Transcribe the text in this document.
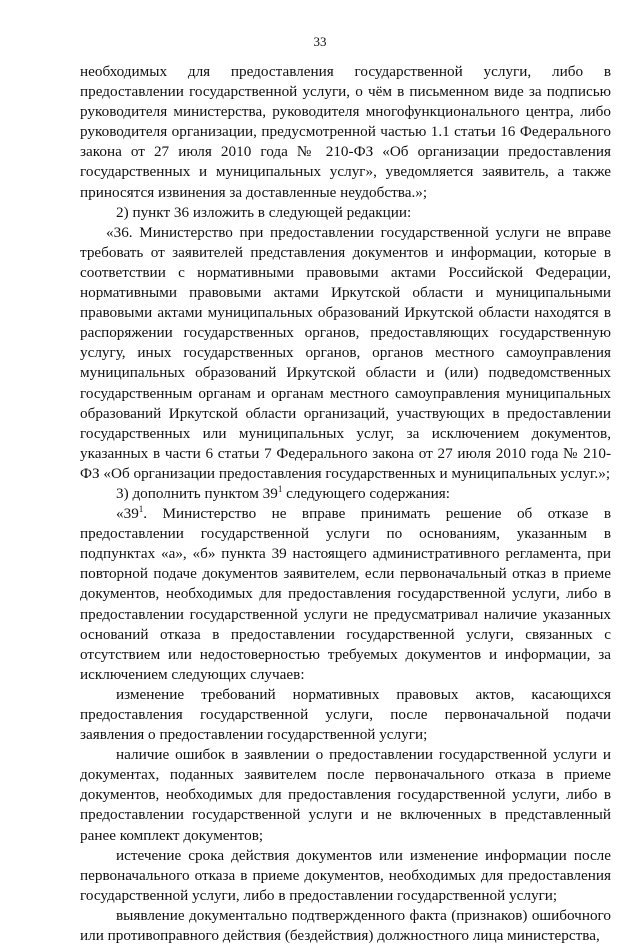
33

необходимых для предоставления государственной услуги, либо в предоставлении государственной услуги, о чём в письменном виде за подписью руководителя министерства, руководителя многофункционального центра, либо руководителя организации, предусмотренной частью 1.1 статьи 16 Федерального закона от 27 июля 2010 года № 210-ФЗ «Об организации предоставления государственных и муниципальных услуг», уведомляется заявитель, а также приносятся извинения за доставленные неудобства.»;

2) пункт 36 изложить в следующей редакции:

«36. Министерство при предоставлении государственной услуги не вправе требовать от заявителей представления документов и информации, которые в соответствии с нормативными правовыми актами Российской Федерации, нормативными правовыми актами Иркутской области и муниципальными правовыми актами муниципальных образований Иркутской области находятся в распоряжении государственных органов, предоставляющих государственную услугу, иных государственных органов, органов местного самоуправления муниципальных образований Иркутской области и (или) подведомственных государственным органам и органам местного самоуправления муниципальных образований Иркутской области организаций, участвующих в предоставлении государственных или муниципальных услуг, за исключением документов, указанных в части 6 статьи 7 Федерального закона от 27 июля 2010 года № 210-ФЗ «Об организации предоставления государственных и муниципальных услуг.»;

3) дополнить пунктом $39^1$ следующего содержания:

«$39^1$. Министерство не вправе принимать решение об отказе в предоставлении государственной услуги по основаниям, указанным в подпунктах «а», «б» пункта 39 настоящего административного регламента, при повторной подаче документов заявителем, если первоначальный отказ в приеме документов, необходимых для предоставления государственной услуги, либо в предоставлении государственной услуги не предусматривал наличие указанных оснований отказа в предоставлении государственной услуги, связанных с отсутствием или недостоверностью требуемых документов и информации, за исключением следующих случаев:

изменение требований нормативных правовых актов, касающихся предоставления государственной услуги, после первоначальной подачи заявления о предоставлении государственной услуги;

наличие ошибок в заявлении о предоставлении государственной услуги и документах, поданных заявителем после первоначального отказа в приеме документов, необходимых для предоставления государственной услуги, либо в предоставлении государственной услуги и не включенных в представленный ранее комплект документов;

истечение срока действия документов или изменение информации после первоначального отказа в приеме документов, необходимых для предоставления государственной услуги, либо в предоставлении государственной услуги;

выявление документально подтвержденного факта (признаков) ошибочного или противоправного действия (бездействия) должностного лица министерства,
